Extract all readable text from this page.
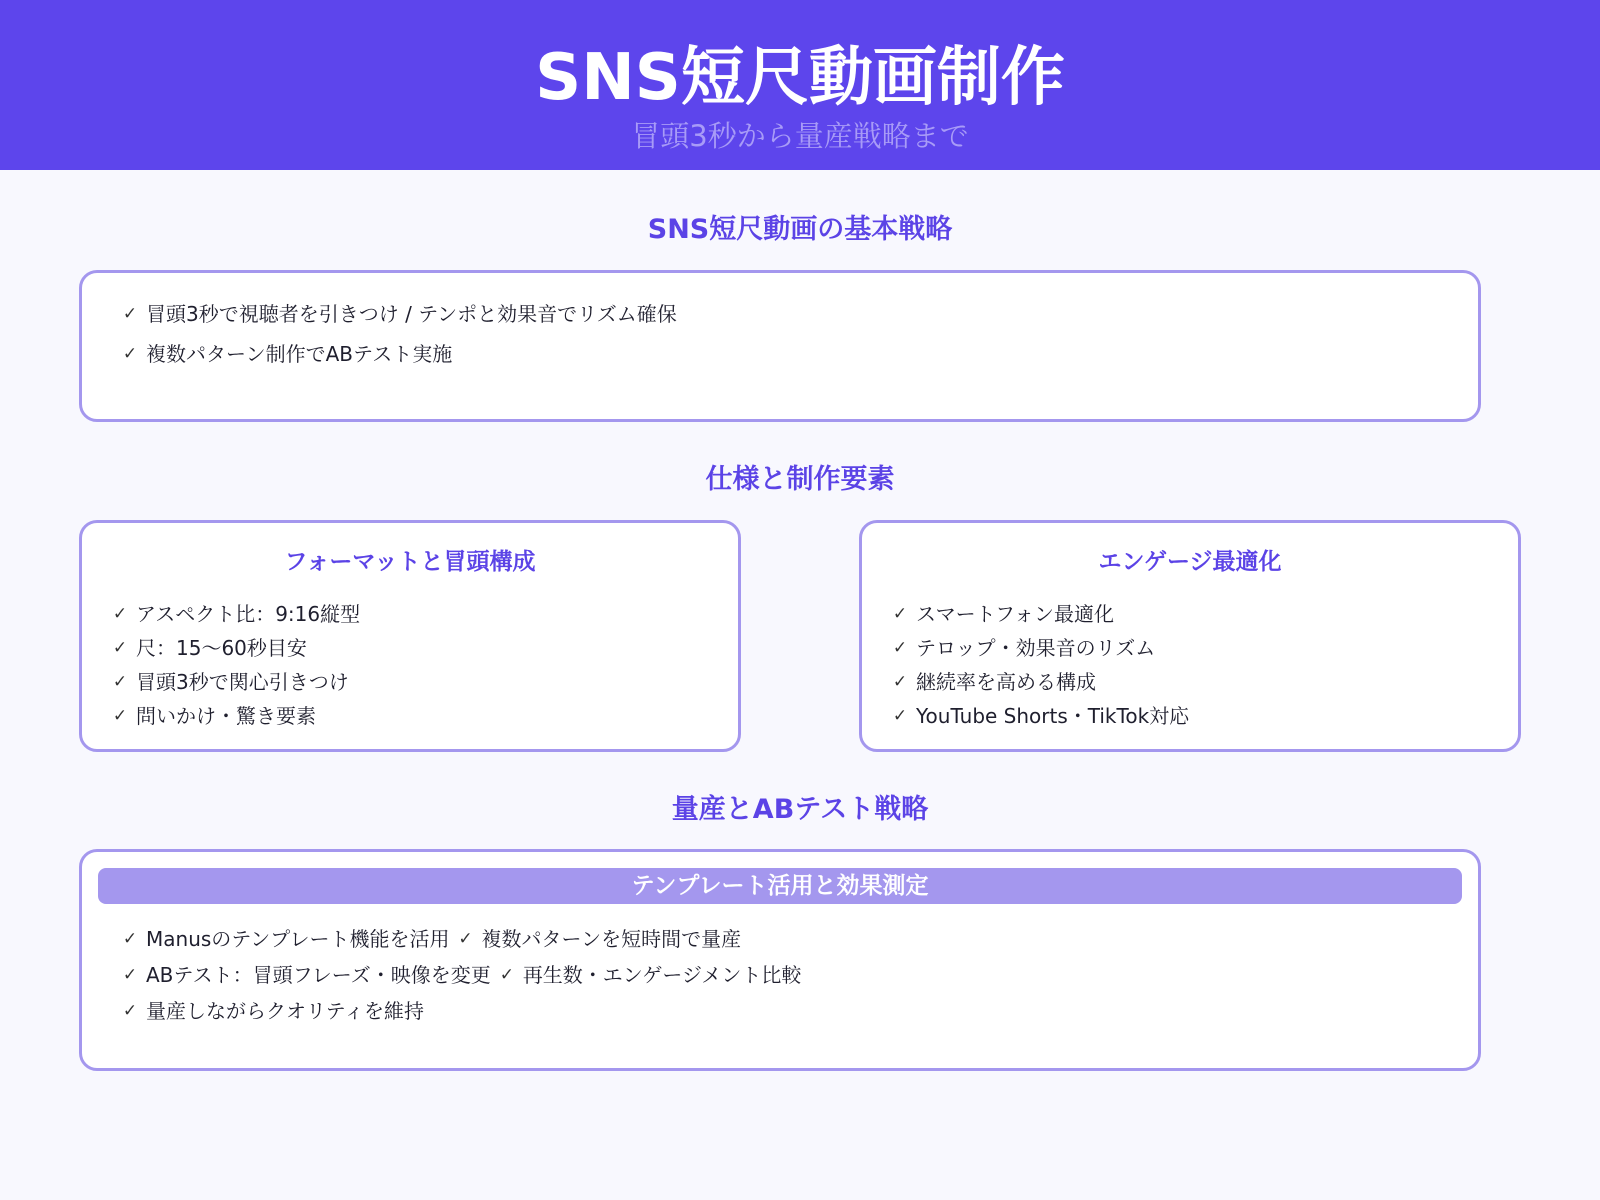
SNS短尺動画制作
冒頭3秒から量産戦略まで
SNS短尺動画の基本戦略
✓ 冒頭3秒で視聴者を引きつけ / テンポと効果音でリズム確保
✓ 複数パターン制作でABテスト実施
仕様と制作要素
フォーマットと冒頭構成
✓ アスペクト比：9:16縦型
✓ 尺：15〜60秒目安
✓ 冒頭3秒で関心引きつけ
✓ 問いかけ・驚き要素
エンゲージ最適化
✓ スマートフォン最適化
✓ テロップ・効果音のリズム
✓ 継続率を高める構成
✓ YouTube Shorts・TikTok対応
量産とABテスト戦略
テンプレート活用と効果測定
✓ Manusのテンプレート機能を活用 ✓ 複数パターンを短時間で量産
✓ ABテスト：冒頭フレーズ・映像を変更 ✓ 再生数・エンゲージメント比較
✓ 量産しながらクオリティを維持
